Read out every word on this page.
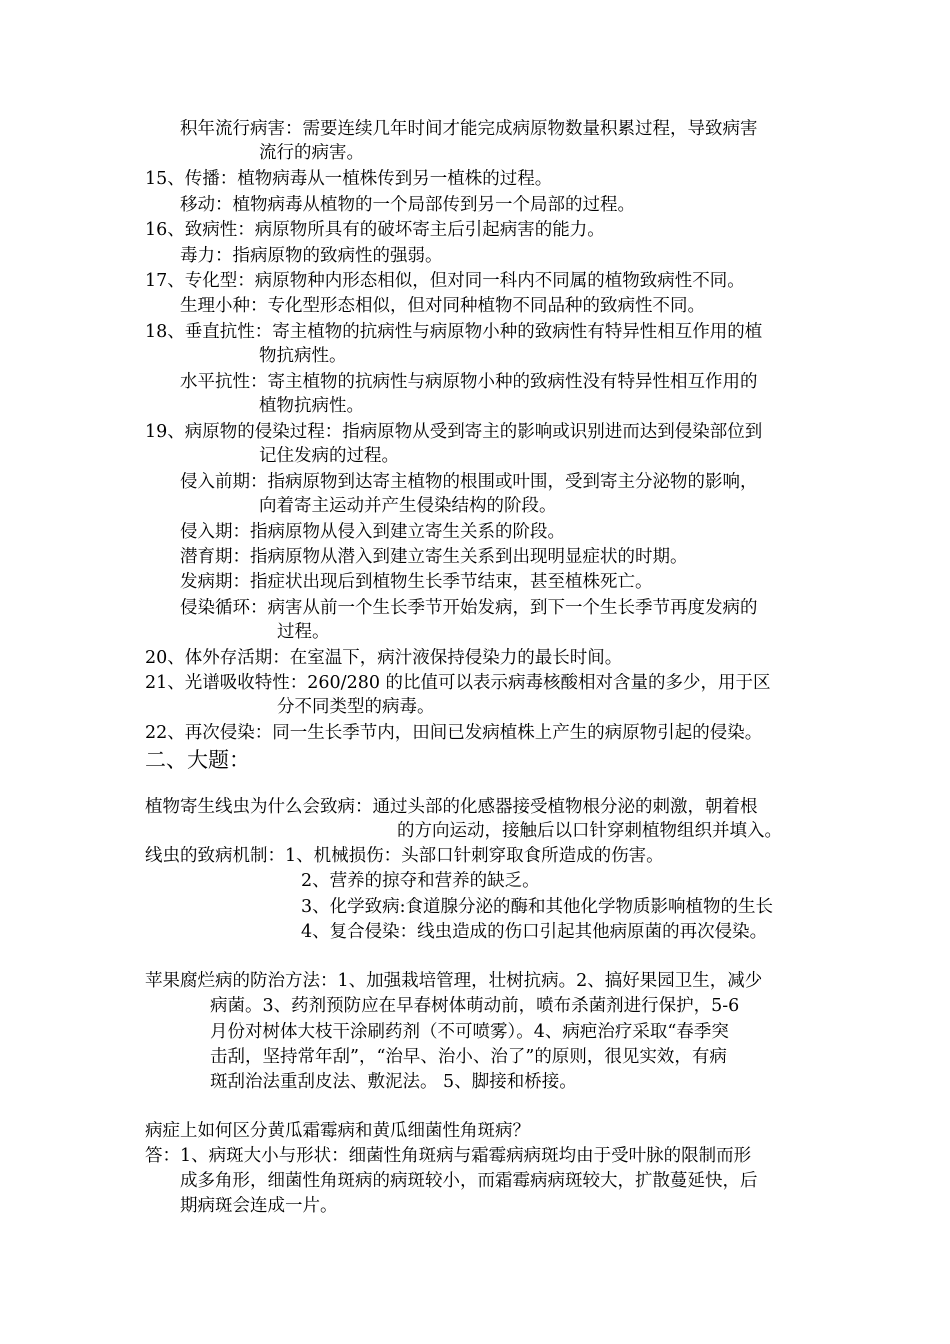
积年流行病害：需要连续几年时间才能完成病原物数量积累过程，导致病害
流行的病害。
15、传播：植物病毒从一植株传到另一植株的过程。
移动：植物病毒从植物的一个局部传到另一个局部的过程。
16、致病性：病原物所具有的破坏寄主后引起病害的能力。
毒力：指病原物的致病性的强弱。
17、专化型：病原物种内形态相似，但对同一科内不同属的植物致病性不同。
生理小种：专化型形态相似，但对同种植物不同品种的致病性不同。
18、垂直抗性：寄主植物的抗病性与病原物小种的致病性有特异性相互作用的植
物抗病性。
水平抗性：寄主植物的抗病性与病原物小种的致病性没有特异性相互作用的
植物抗病性。
19、病原物的侵染过程：指病原物从受到寄主的影响或识别进而达到侵染部位到
记住发病的过程。
侵入前期：指病原物到达寄主植物的根围或叶围，受到寄主分泌物的影响，
向着寄主运动并产生侵染结构的阶段。
侵入期：指病原物从侵入到建立寄生关系的阶段。
潜育期：指病原物从潜入到建立寄生关系到出现明显症状的时期。
发病期：指症状出现后到植物生长季节结束，甚至植株死亡。
侵染循环：病害从前一个生长季节开始发病，到下一个生长季节再度发病的
过程。
20、体外存活期：在室温下，病汁液保持侵染力的最长时间。
21、光谱吸收特性：260/280 的比值可以表示病毒核酸相对含量的多少，用于区
分不同类型的病毒。
22、再次侵染：同一生长季节内，田间已发病植株上产生的病原物引起的侵染。
二、大题：
植物寄生线虫为什么会致病：通过头部的化感器接受植物根分泌的刺激，朝着根
的方向运动，接触后以口针穿刺植物组织并填入。
线虫的致病机制：1、机械损伤：头部口针刺穿取食所造成的伤害。
2、营养的掠夺和营养的缺乏。
3、化学致病:食道腺分泌的酶和其他化学物质影响植物的生长
4、复合侵染：线虫造成的伤口引起其他病原菌的再次侵染。
苹果腐烂病的防治方法：1、加强栽培管理，壮树抗病。2、搞好果园卫生，减少
病菌。3、药剂预防应在早春树体萌动前，喷布杀菌剂进行保护，5-6
月份对树体大枝干涂刷药剂（不可喷雾）。4、病疤治疗采取“春季突
击刮，坚持常年刮”，“治早、治小、治了”的原则，很见实效，有病
斑刮治法重刮皮法、敷泥法。 5、脚接和桥接。
病症上如何区分黄瓜霜霉病和黄瓜细菌性角斑病？
答：1、病斑大小与形状：细菌性角斑病与霜霉病病斑均由于受叶脉的限制而形
成多角形，细菌性角斑病的病斑较小，而霜霉病病斑较大，扩散蔓延快，后
期病斑会连成一片。
